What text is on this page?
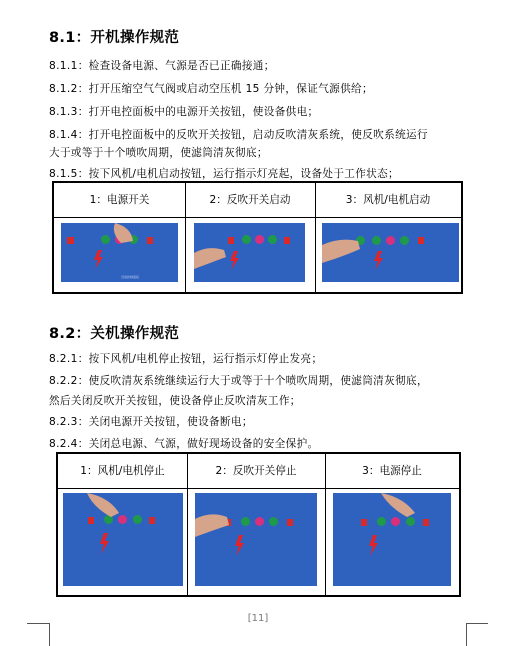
8.1：开机操作规范
8.1.1：检查设备电源、气源是否已正确接通；
8.1.2：打开压缩空气气阀或启动空压机 15 分钟，保证气源供给；
8.1.3：打开电控面板中的电源开关按钮，使设备供电；
8.1.4：打开电控面板中的反吹开关按钮，启动反吹清灰系统，使反吹系统运行
大于或等于十个喷吹周期，使滤筒清灰彻底；
8.1.5：按下风机/电机启动按钮，运行指示灯亮起，设备处于工作状态；
1：电源开关	2：反吹开关启动	3：风机/电机启动
设备控制面板
8.2：关机操作规范
8.2.1：按下风机/电机停止按钮，运行指示灯停止发亮；
8.2.2：使反吹清灰系统继续运行大于或等于十个喷吹周期，使滤筒清灰彻底，
然后关闭反吹开关按钮，使设备停止反吹清灰工作；
8.2.3：关闭电源开关按钮，使设备断电；
8.2.4：关闭总电源、气源，做好现场设备的安全保护。
1：风机/电机停止	2：反吹开关停止	3：电源停止
[11]
